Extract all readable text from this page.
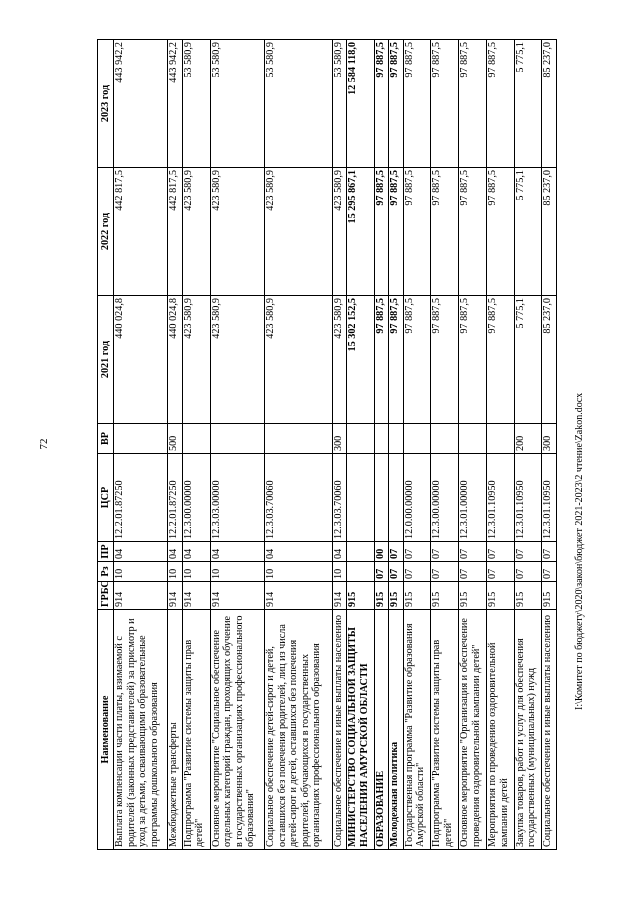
72
Наименование	ГРБС	Рз	ПР	ЦСР	ВР	2021 год	2022 год	2023 год
Выплата компенсации части платы, взимаемой с родителей (законных представителей) за присмотр и уход за детьми, осваивающими образовательные программы дошкольного образования	914	10	04	12.2.01.87250		440 024,8	442 817,5	443 942,2
Межбюджетные трансферты	914	10	04	12.2.01.87250	500	440 024,8	442 817,5	443 942,2
Подпрограмма "Развитие системы защиты прав детей"	914	10	04	12.3.00.00000		423 580,9	423 580,9	53 580,9
Основное мероприятие "Социальное обеспечение отдельных категорий граждан, проходящих обучение в государственных организациях профессионального образования"	914	10	04	12.3.03.00000		423 580,9	423 580,9	53 580,9
Социальное обеспечение детей-сирот и детей, оставшихся без попечения родителей, лиц из числа детей-сирот и детей, оставшихся без попечения родителей, обучающихся в государственных организациях профессионального образования	914	10	04	12.3.03.70060		423 580,9	423 580,9	53 580,9
Социальное обеспечение и иные выплаты населению	914	10	04	12.3.03.70060	300	423 580,9	423 580,9	53 580,9
МИНИСТЕРСТВО СОЦИАЛЬНОЙ ЗАЩИТЫ НАСЕЛЕНИЯ АМУРСКОЙ ОБЛАСТИ	915					15 302 152,5	15 295 867,1	12 584 118,0
ОБРАЗОВАНИЕ	915	07	00			97 887,5	97 887,5	97 887,5
Молодежная политика	915	07	07			97 887,5	97 887,5	97 887,5
Государственная программа "Развитие образования Амурской области"	915	07	07	12.0.00.00000		97 887,5	97 887,5	97 887,5
Подпрограмма "Развитие системы защиты прав детей"	915	07	07	12.3.00.00000		97 887,5	97 887,5	97 887,5
Основное мероприятие "Организация и обеспечение проведения оздоровительной кампании детей"	915	07	07	12.3.01.00000		97 887,5	97 887,5	97 887,5
Мероприятия по проведению оздоровительной кампании детей	915	07	07	12.3.01.10950		97 887,5	97 887,5	97 887,5
Закупка товаров, работ и услуг для обеспечения государственных (муниципальных) нужд	915	07	07	12.3.01.10950	200	5 775,1	5 775,1	5 775,1
Социальное обеспечение и иные выплаты населению	915	07	07	12.3.01.10950	300	85 237,0	85 237,0	85 237,0
I:\Комитет по бюджету\2020\закон\бюджет 2021-2023\2 чтение\Zakon.docx
